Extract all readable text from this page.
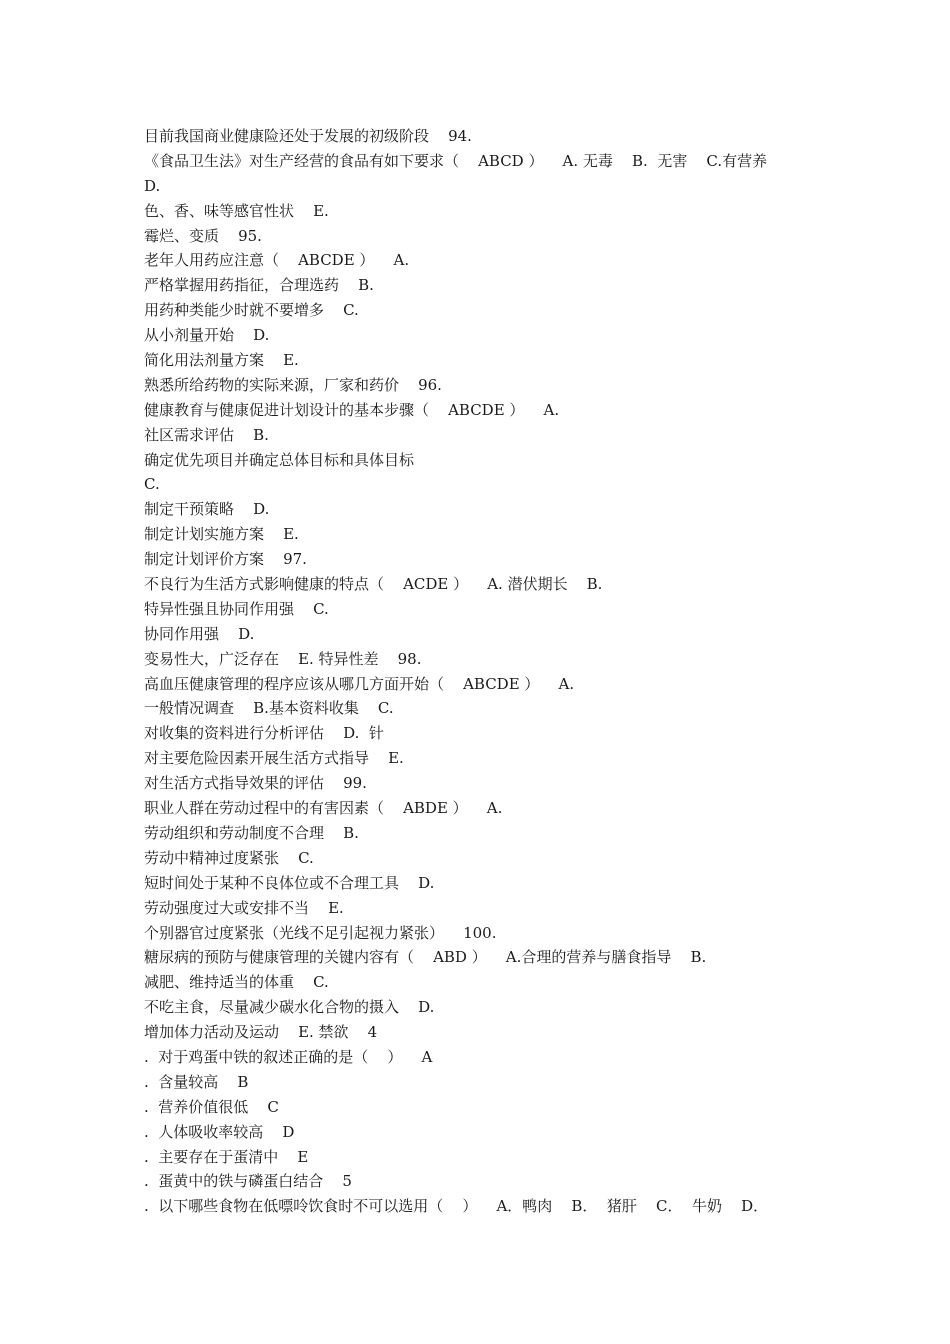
目前我国商业健康险还处于发展的初级阶段    94.
《食品卫生法》对生产经营的食品有如下要求（    ABCD ）    A. 无毒    B.  无害    C.有营养
D.
色、香、味等感官性状    E.
霉烂、变质    95.
老年人用药应注意（    ABCDE ）    A.
严格掌握用药指征，合理选药    B.
用药种类能少时就不要增多    C.
从小剂量开始    D.
简化用法剂量方案    E.
熟悉所给药物的实际来源，厂家和药价    96.
健康教育与健康促进计划设计的基本步骤（    ABCDE ）    A.
社区需求评估    B.
确定优先项目并确定总体目标和具体目标
C.
制定干预策略    D.
制定计划实施方案    E.
制定计划评价方案    97.
不良行为生活方式影响健康的特点（    ACDE ）    A. 潜伏期长    B.
特异性强且协同作用强    C.
协同作用强    D.
变易性大，广泛存在    E. 特异性差    98.
高血压健康管理的程序应该从哪几方面开始（    ABCDE ）    A.
一般情况调查    B.基本资料收集    C.
对收集的资料进行分析评估    D.  针
对主要危险因素开展生活方式指导    E.
对生活方式指导效果的评估    99.
职业人群在劳动过程中的有害因素（    ABDE ）    A.
劳动组织和劳动制度不合理    B.
劳动中精神过度紧张    C.
短时间处于某种不良体位或不合理工具    D.
劳动强度过大或安排不当    E.
个别器官过度紧张（光线不足引起视力紧张）    100.
糖尿病的预防与健康管理的关键内容有（    ABD ）    A.合理的营养与膳食指导    B.
减肥、维持适当的体重    C.
不吃主食，尽量减少碳水化合物的摄入    D.
增加体力活动及运动    E. 禁欲    4
.  对于鸡蛋中铁的叙述正确的是（    ）    A
.  含量较高    B
.  营养价值很低    C
.  人体吸收率较高    D
.  主要存在于蛋清中    E
.  蛋黄中的铁与磷蛋白结合    5
.  以下哪些食物在低嘌呤饮食时不可以选用（    ）    A．鸭肉    B．  猪肝    C．  牛奶    D．
